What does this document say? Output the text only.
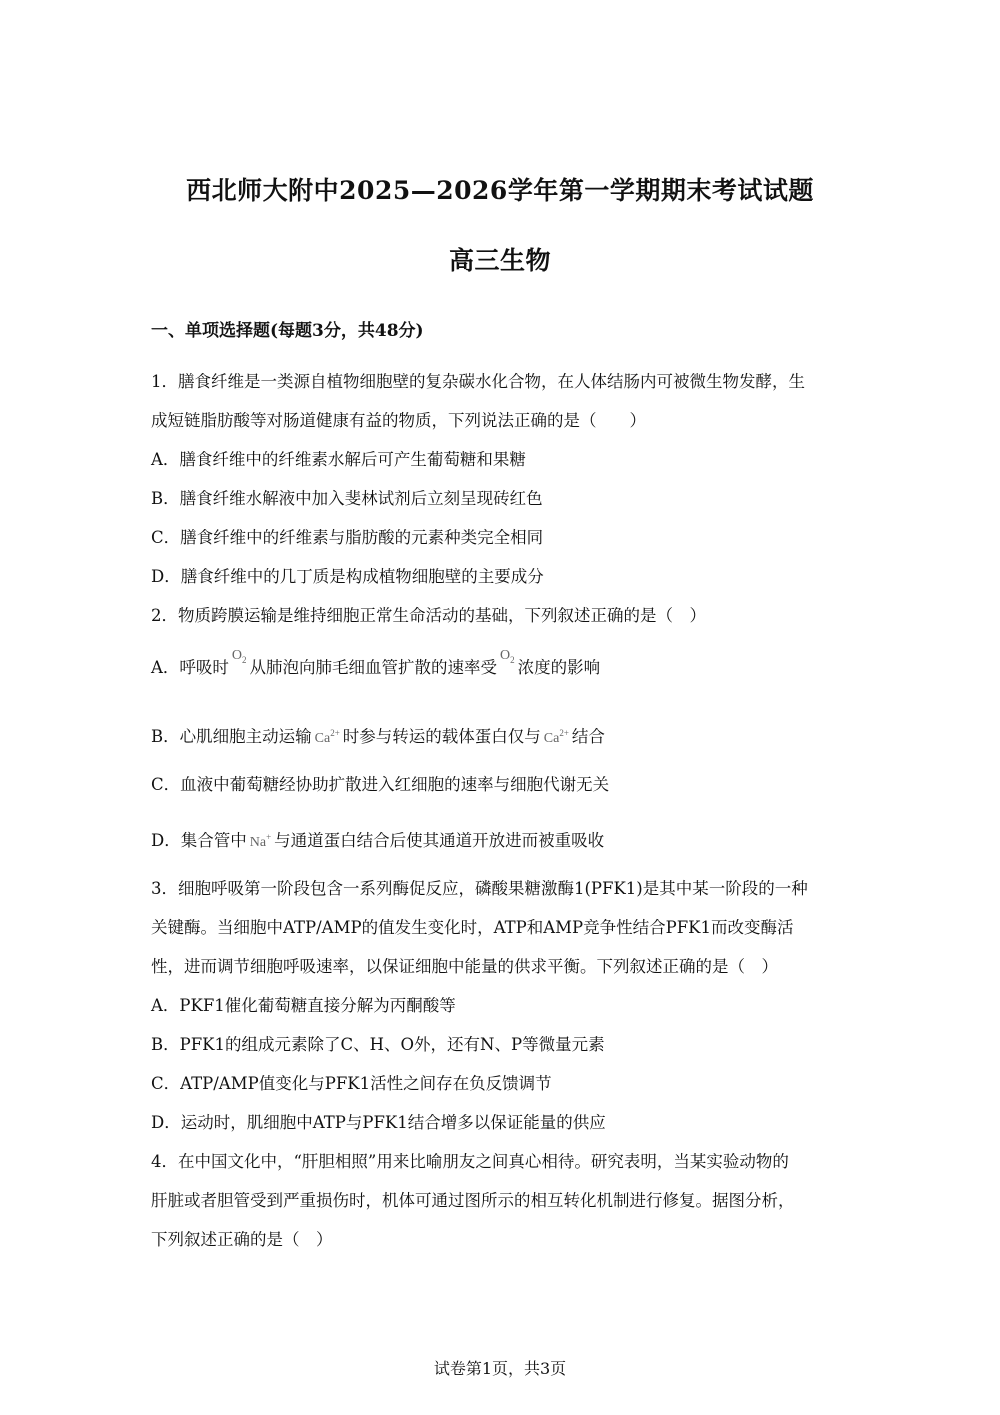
西北师大附中2025—2026学年第一学期期末考试试题
高三生物
一、单项选择题(每题3分，共48分)
1．膳食纤维是一类源自植物细胞壁的复杂碳水化合物，在人体结肠内可被微生物发酵，生
成短链脂肪酸等对肠道健康有益的物质，下列说法正确的是（　　）
A．膳食纤维中的纤维素水解后可产生葡萄糖和果糖
B．膳食纤维水解液中加入斐林试剂后立刻呈现砖红色
C．膳食纤维中的纤维素与脂肪酸的元素种类完全相同
D．膳食纤维中的几丁质是构成植物细胞壁的主要成分
2．物质跨膜运输是维持细胞正常生命活动的基础，下列叙述正确的是（　）
A．呼吸时$O_2$ 从肺泡向肺毛细血管扩散的速率受$O_2$ 浓度的影响
B．心肌细胞主动运输 $Ca^{2+}$ 时参与转运的载体蛋白仅与 $Ca^{2+}$ 结合
C．血液中葡萄糖经协助扩散进入红细胞的速率与细胞代谢无关
D．集合管中 Na+ 与通道蛋白结合后使其通道开放进而被重吸收
3．细胞呼吸第一阶段包含一系列酶促反应，磷酸果糖激酶1(PFK1)是其中某一阶段的一种
关键酶。当细胞中ATP/AMP的值发生变化时，ATP和AMP竞争性结合PFK1而改变酶活
性，进而调节细胞呼吸速率，以保证细胞中能量的供求平衡。下列叙述正确的是（　）
A．PKF1催化葡萄糖直接分解为丙酮酸等
B．PFK1的组成元素除了C、H、O外，还有N、P等微量元素
C．ATP/AMP值变化与PFK1活性之间存在负反馈调节
D．运动时，肌细胞中ATP与PFK1结合增多以保证能量的供应
4．在中国文化中，“肝胆相照”用来比喻朋友之间真心相待。研究表明，当某实验动物的
肝脏或者胆管受到严重损伤时，机体可通过图所示的相互转化机制进行修复。据图分析，
下列叙述正确的是（　）
试卷第1页，共3页
